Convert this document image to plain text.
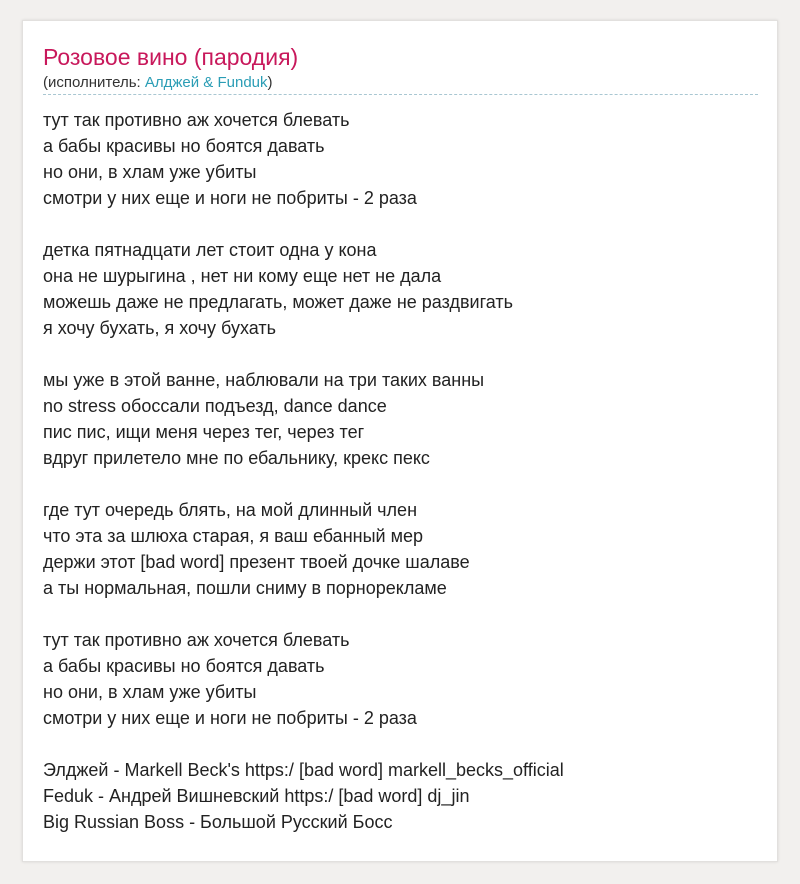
Розовое вино (пародия)
(исполнитель: Алджей & Funduk)
тут так противно аж хочется блевать
а бабы красивы но боятся давать
но они, в хлам уже убиты
смотри у них еще и ноги не побриты - 2 раза
детка пятнадцати лет стоит одна у кона
она не шурыгина , нет ни кому еще нет не дала
можешь даже не предлагать, может даже не раздвигать
я хочу бухать, я хочу бухать
мы уже в этой ванне, наблювали на три таких ванны
no stress обоссали подъезд, dance dance
пис пис, ищи меня через тег, через тег
вдруг прилетело мне по ебальнику, крекс пекс
где тут очередь блять, на мой длинный член
что эта за шлюха старая, я ваш ебанный мер
держи этот [bad word] презент твоей дочке шалаве
а ты нормальная, пошли сниму в порнорекламе
тут так противно аж хочется блевать
а бабы красивы но боятся давать
но они, в хлам уже убиты
смотри у них еще и ноги не побриты - 2 раза
Элджей - Markell Beck's https:/ [bad word] markell_becks_official
Feduk - Андрей Вишневский https:/ [bad word] dj_jin
Big Russian Boss - Большой Русский Босс
